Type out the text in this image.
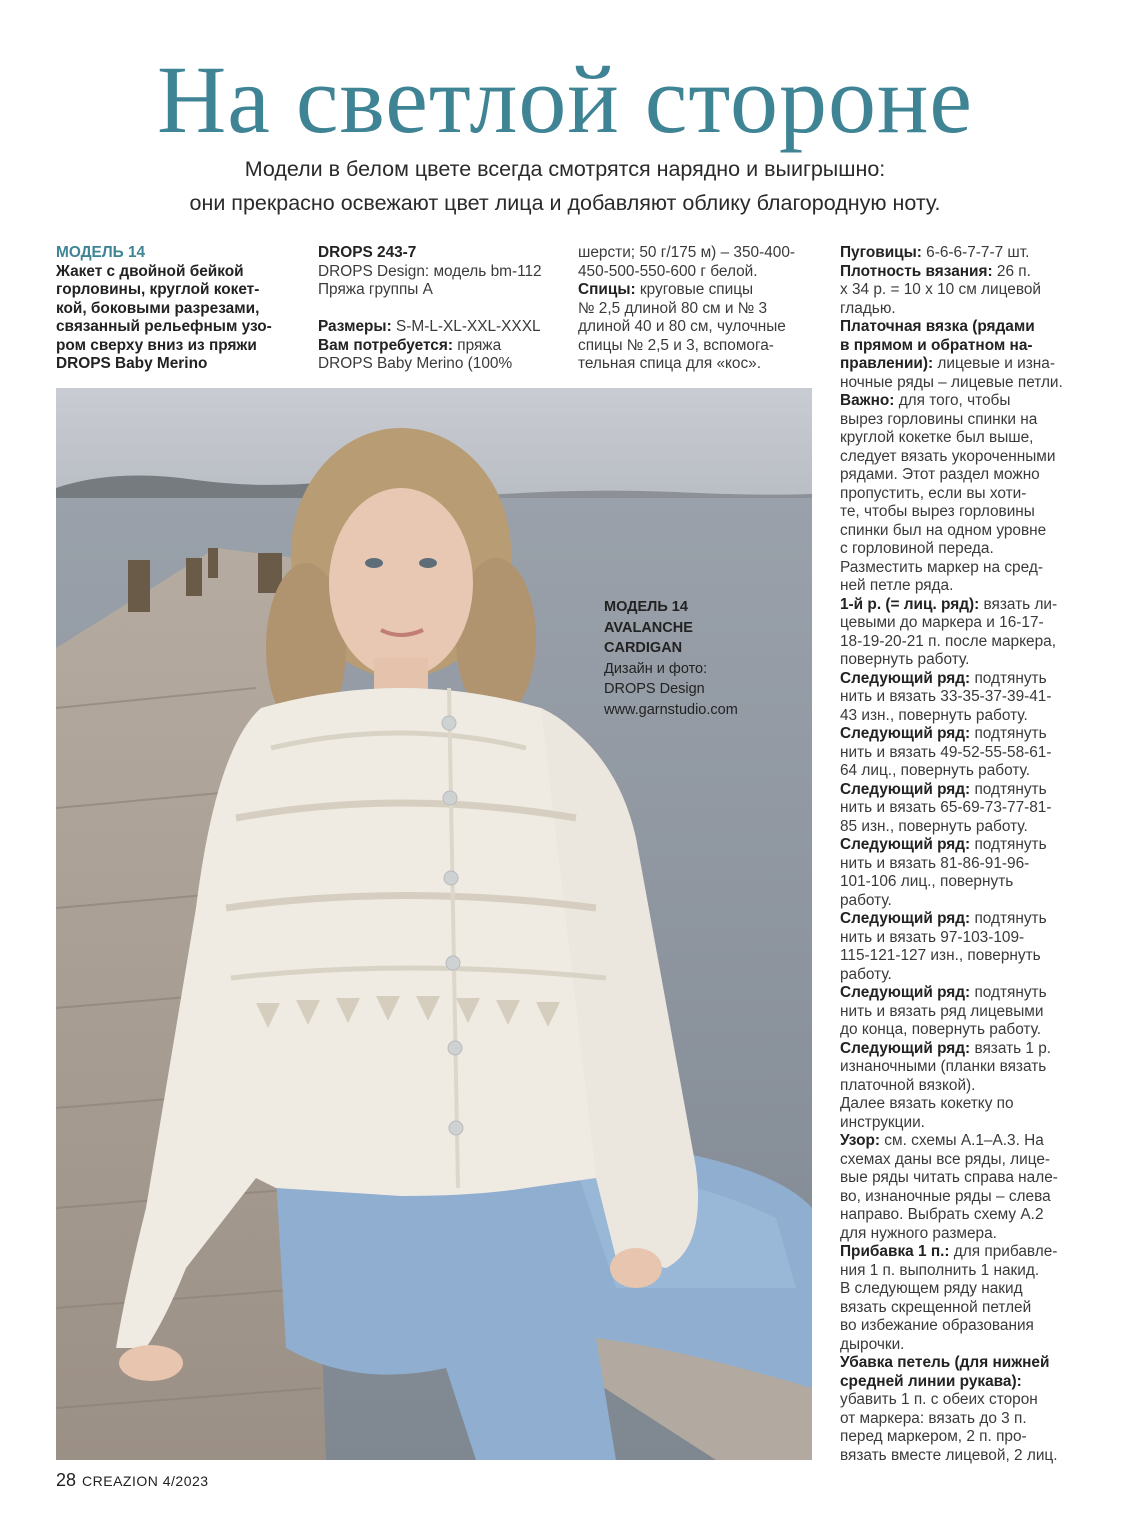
На светлой стороне
Модели в белом цвете всегда смотрятся нарядно и выигрышно:
они прекрасно освежают цвет лица и добавляют облику благородную ноту.

МОДЕЛЬ 14

Жакет с двойной бейкой

горловины, круглой кокет-

кой, боковыми разрезами,

связанный рельефным узо-

ром сверху вниз из пряжи

DROPS Baby Merino

DROPS 243-7

DROPS Design: модель bm-112

Пряжа группы А

Размеры: S-M-L-XL-XXL-XXXL

Вам потребуется: пряжа

DROPS Baby Merino (100%

шерсти; 50 г/175 м) – 350-400-

450-500-550-600 г белой.

Спицы: круговые спицы

№ 2,5 длиной 80 см и № 3

длиной 40 и 80 см, чулочные

спицы № 2,5 и 3, вспомога-

тельная спица для «кос».

Пуговицы: 6-6-6-7-7-7 шт.

Плотность вязания: 26 п.

х 34 р. = 10 х 10 см лицевой

гладью.

Платочная вязка (рядами

в прямом и обратном на-

правлении): лицевые и изна-

ночные ряды – лицевые петли.

Важно: для того, чтобы

вырез горловины спинки на

круглой кокетке был выше,

следует вязать укороченными

рядами. Этот раздел можно

пропустить, если вы хоти-

те, чтобы вырез горловины

спинки был на одном уровне

с горловиной переда.

Разместить маркер на сред-

ней петле ряда.

1-й р. (= лиц. ряд): вязать ли-

цевыми до маркера и 16-17-

18-19-20-21 п. после маркера,

повернуть работу.

Следующий ряд: подтянуть

нить и вязать 33-35-37-39-41-

43 изн., повернуть работу.

Следующий ряд: подтянуть

нить и вязать 49-52-55-58-61-

64 лиц., повернуть работу.

Следующий ряд: подтянуть

нить и вязать 65-69-73-77-81-

85 изн., повернуть работу.

Следующий ряд: подтянуть

нить и вязать 81-86-91-96-

101-106 лиц., повернуть

работу.

Следующий ряд: подтянуть

нить и вязать 97-103-109-

115-121-127 изн., повернуть

работу.

Следующий ряд: подтянуть

нить и вязать ряд лицевыми

до конца, повернуть работу.

Следующий ряд: вязать 1 р.

изнаночными (планки вязать

платочной вязкой).

Далее вязать кокетку по

инструкции.

Узор: см. схемы А.1–А.3. На

схемах даны все ряды, лице-

вые ряды читать справа нале-

во, изнаночные ряды – слева

направо. Выбрать схему А.2

для нужного размера.

Прибавка 1 п.: для прибавле-

ния 1 п. выполнить 1 накид.

В следующем ряду накид

вязать скрещенной петлей

во избежание образования

дырочки.

Убавка петель (для нижней

средней линии рукава):

убавить 1 п. с обеих сторон

от маркера: вязать до 3 п.

перед маркером, 2 п. про-

вязать вместе лицевой, 2 лиц.

МОДЕЛЬ 14
AVALANCHE
CARDIGAN
Дизайн и фото:
DROPS Design
www.garnstudio.com
28 CREAZION 4/2023
